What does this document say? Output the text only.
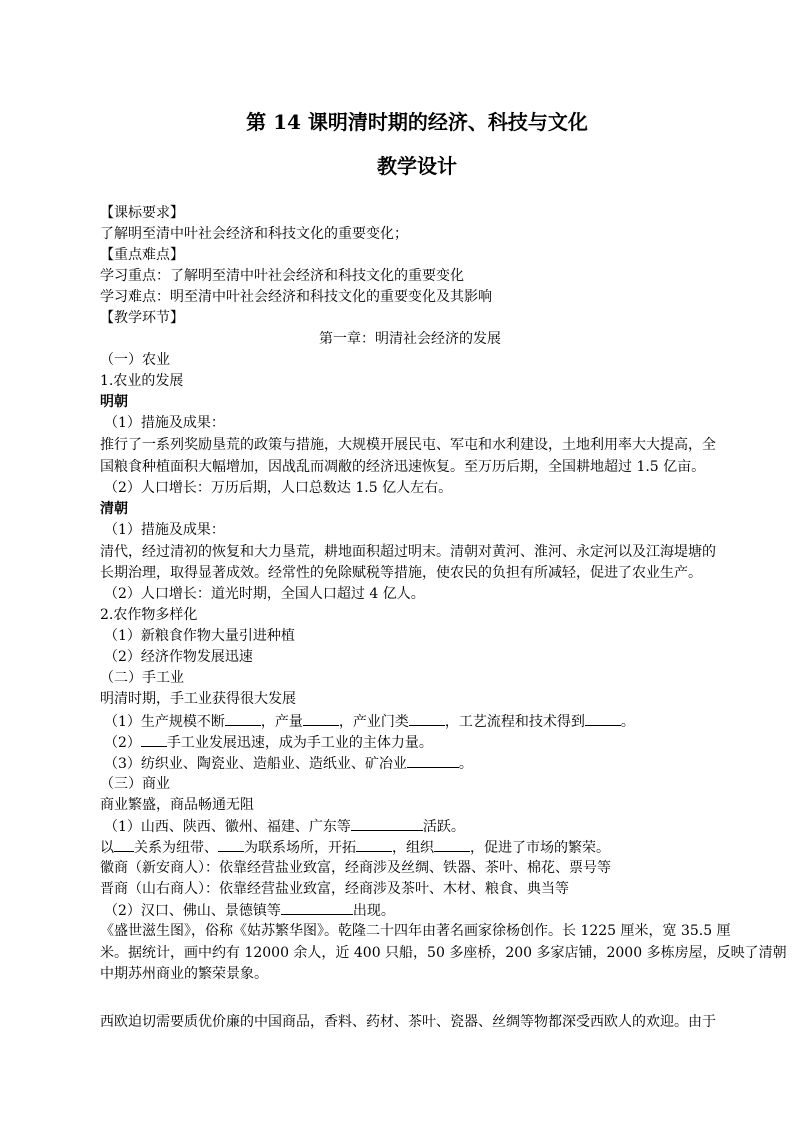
第 14 课明清时期的经济、科技与文化
教学设计
【课标要求】
了解明至清中叶社会经济和科技文化的重要变化；
【重点难点】
学习重点：了解明至清中叶社会经济和科技文化的重要变化
学习难点：明至清中叶社会经济和科技文化的重要变化及其影响
【教学环节】
第一章：明清社会经济的发展
（一）农业
1.农业的发展
明朝
（1）措施及成果：
推行了一系列奖励垦荒的政策与措施，大规模开展民屯、军屯和水利建设，土地利用率大大提高，全
国粮食种植面积大幅增加，因战乱而凋敝的经济迅速恢复。至万历后期，全国耕地超过 1.5 亿亩。
（2）人口增长：万历后期，人口总数达 1.5 亿人左右。
清朝
（1）措施及成果：
清代，经过清初的恢复和大力垦荒，耕地面积超过明末。清朝对黄河、淮河、永定河以及江海堤塘的
长期治理，取得显著成效。经常性的免除赋税等措施，使农民的负担有所减轻，促进了农业生产。
（2）人口增长：道光时期，全国人口超过 4 亿人。
2.农作物多样化
（1）新粮食作物大量引进种植
（2）经济作物发展迅速
（二）手工业
明清时期，手工业获得很大发展
（1）生产规模不断	，产量	，产业门类	，工艺流程和技术得到	。
（2） 手工业发展迅速，成为手工业的主体力量。
（3）纺织业、陶瓷业、造船业、造纸业、矿冶业	。
（三）商业
商业繁盛，商品畅通无阻
（1）山西、陕西、徽州、福建、广东等	活跃。
以 关系为纽带、 为联系场所，开拓	，组织	，促进了市场的繁荣。
徽商（新安商人）：依靠经营盐业致富，经商涉及丝绸、铁器、茶叶、棉花、票号等
晋商（山右商人）：依靠经营盐业致富，经商涉及茶叶、木材、粮食、典当等
（2）汉口、佛山、景德镇等	出现。
《盛世滋生图》，俗称《姑苏繁华图》。乾隆二十四年由著名画家徐杨创作。长 1225 厘米，宽 35.5 厘
米。据统计，画中约有 12000 余人，近 400 只船，50 多座桥，200 多家店铺，2000 多栋房屋，反映了清朝
中期苏州商业的繁荣景象。
西欧迫切需要质优价廉的中国商品，香料、药材、茶叶、瓷器、丝绸等物都深受西欧人的欢迎。由于
